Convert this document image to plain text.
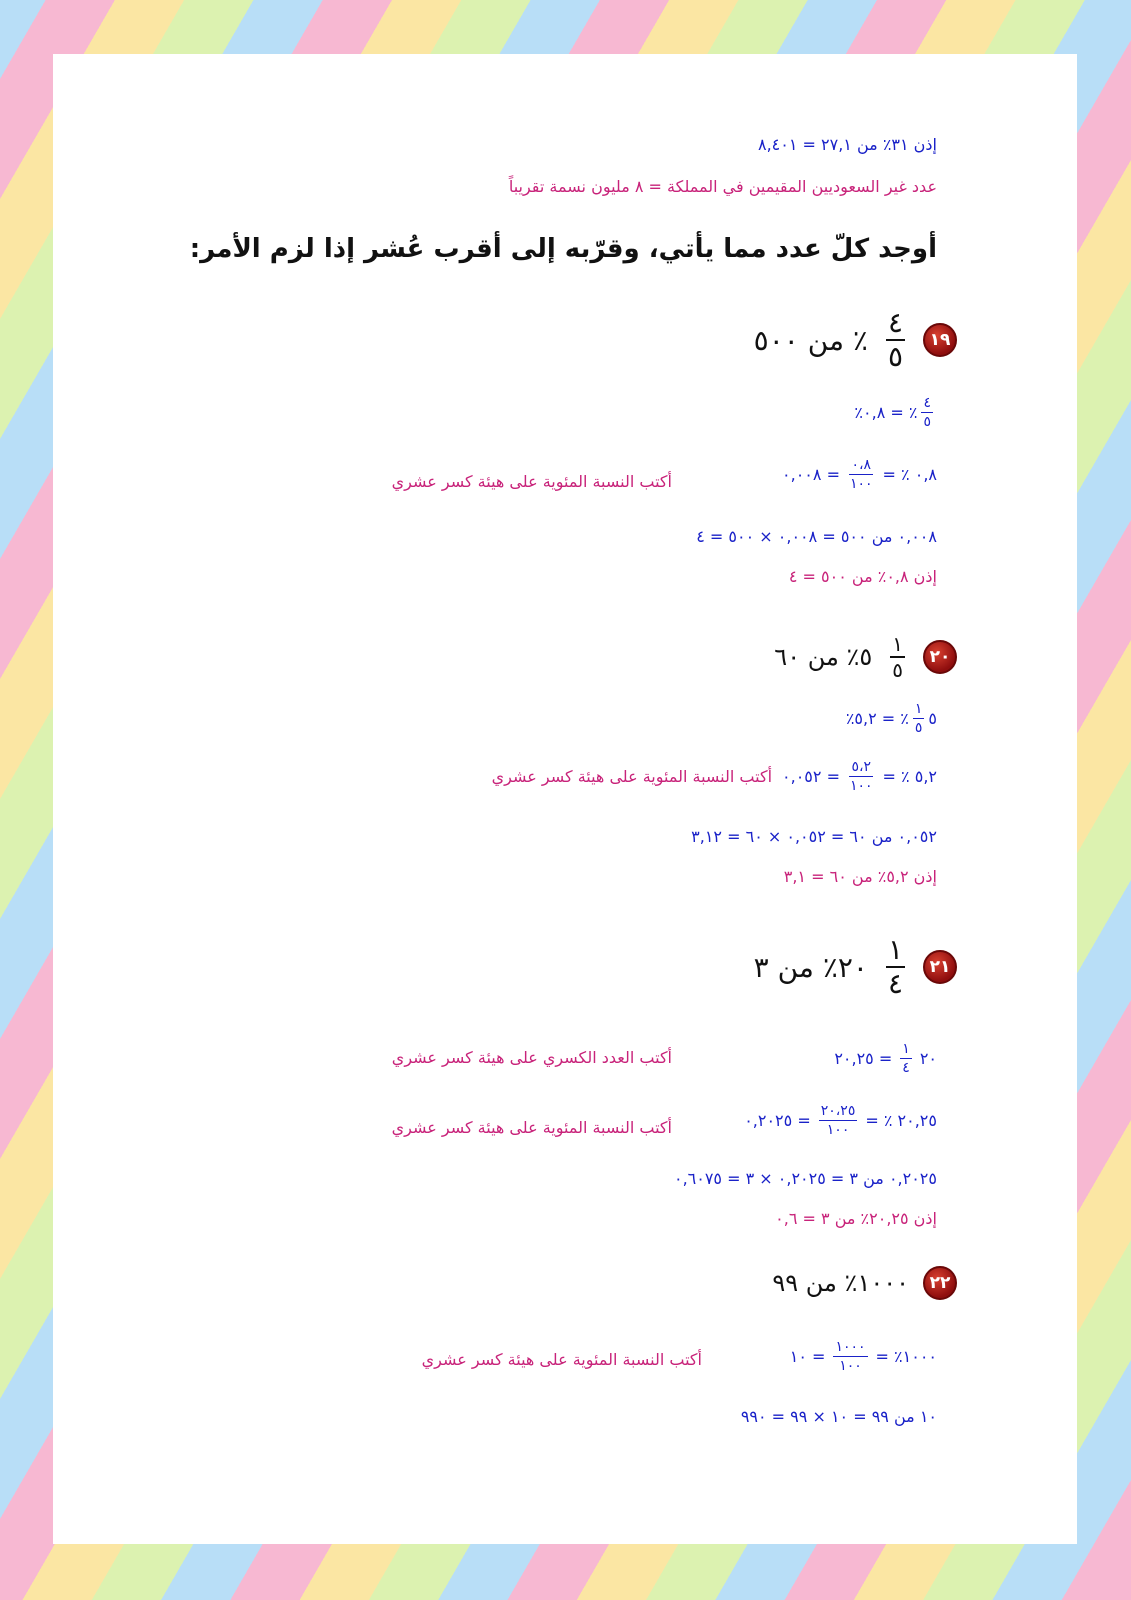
إذن ٣١٪ من ٢٧,١ = ٨,٤٠١
عدد غير السعوديين المقيمين في المملكة = ٨ مليون نسمة تقريباً
أوجد كلّ عدد مما يأتي، وقرّبه إلى أقرب عُشر إذا لزم الأمر:
١٩
$\frac{٤}{٥}$
٪ من ٥٠٠
$\frac{٤}{٥}$
٪ = ٠,٨٪
٠,٨ ٪ =
$\frac{٠،٨}{١٠٠}$
= ٠,٠٠٨
أكتب النسبة المئوية على هيئة كسر عشري
٠,٠٠٨ من ٥٠٠ = ٠,٠٠٨ × ٥٠٠ = ٤
إذن ٠,٨٪ من ٥٠٠ = ٤
٢٠
$\frac{١}{٥}$
٥٪ من ٦٠
٥
$\frac{١}{٥}$
٪ = ٥,٢٪
٥,٢ ٪ =
$\frac{٥،٢}{١٠٠}$
= ٠,٠٥٢
أكتب النسبة المئوية على هيئة كسر عشري
٠,٠٥٢ من ٦٠ = ٠,٠٥٢ × ٦٠ = ٣,١٢
إذن ٥,٢٪ من ٦٠ = ٣,١
٢١
$\frac{١}{٤}$
٢٠٪ من ٣
٢٠
$\frac{١}{٤}$
= ٢٠,٢٥
أكتب العدد الكسري على هيئة كسر عشري
٢٠,٢٥ ٪ =
$\frac{٢٠،٢٥}{١٠٠}$
= ٠,٢٠٢٥
أكتب النسبة المئوية على هيئة كسر عشري
٠,٢٠٢٥ من ٣ = ٠,٢٠٢٥ × ٣ = ٠,٦٠٧٥
إذن ٢٠,٢٥٪ من ٣ = ٠,٦
٢٢
١٠٠٠٪ من ٩٩
١٠٠٠٪ =
$\frac{١٠٠٠}{١٠٠}$
= ١٠
أكتب النسبة المئوية على هيئة كسر عشري
١٠ من ٩٩ = ١٠ × ٩٩ = ٩٩٠
